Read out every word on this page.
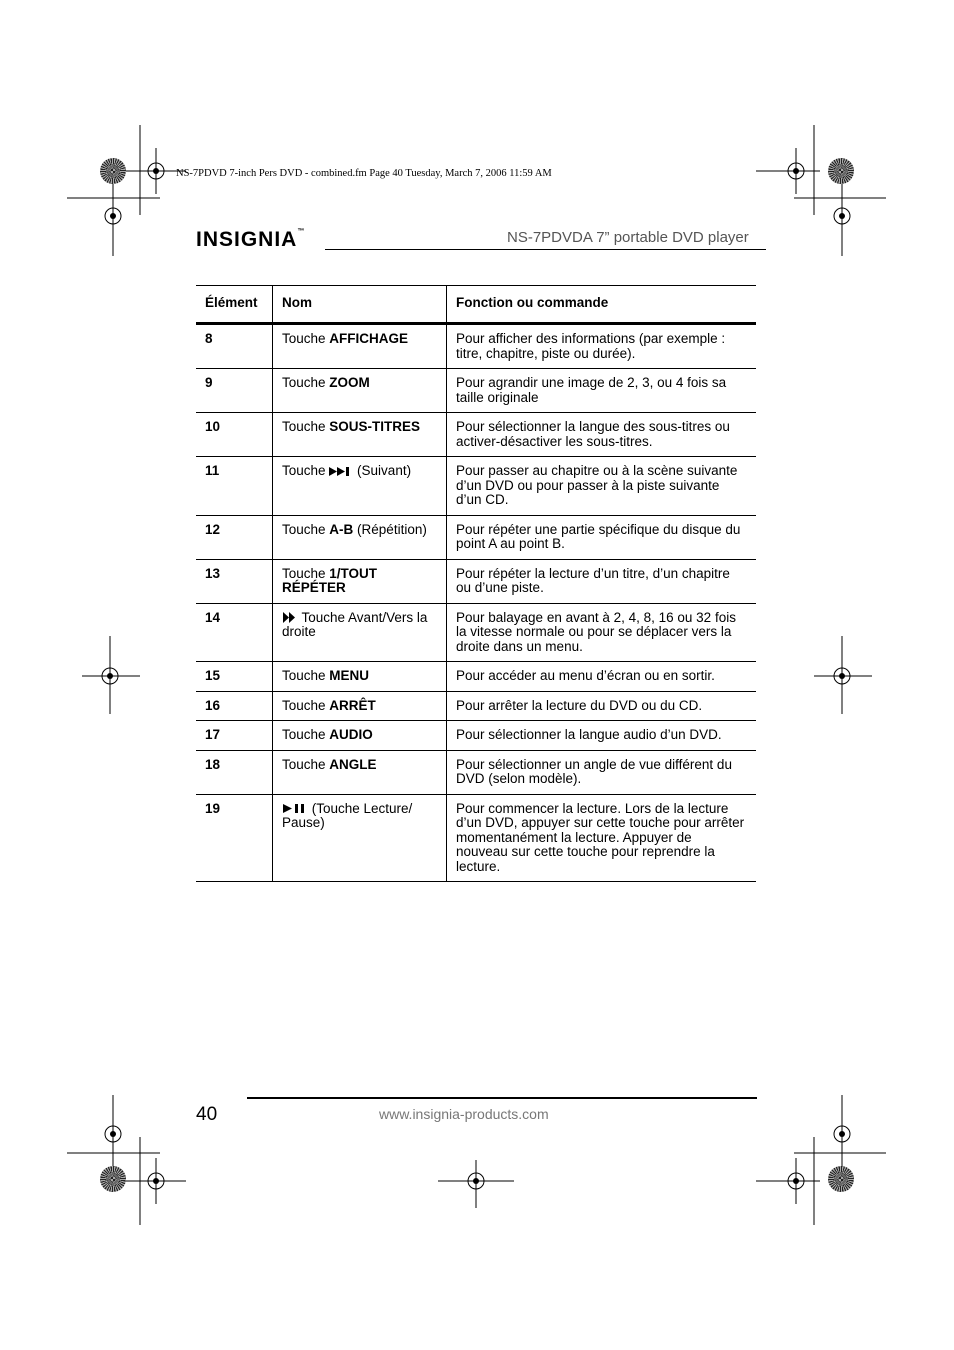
NS-7PDVD 7-inch Pers DVD - combined.fm Page 40 Tuesday, March 7, 2006 11:59 AM
INSIGNIA™	NS-7PDVDA 7” portable DVD player
Élément	Nom	Fonction ou commande
8	Touche AFFICHAGE	Pour afficher des informations (par exemple : titre, chapitre, piste ou durée).
9	Touche ZOOM	Pour agrandir une image de 2, 3, ou 4 fois sa taille originale
10	Touche SOUS-TITRES	Pour sélectionner la langue des sous-titres ou activer-désactiver les sous-titres.
11	Touche  (Suivant)	Pour passer au chapitre ou à la scène suivante d’un DVD ou pour passer à la piste suivante d’un CD.
12	Touche A-B (Répétition)	Pour répéter une partie spécifique du disque du point A au point B.
13	Touche 1/TOUT RÉPÉTER	Pour répéter la lecture d’un titre, d’un chapitre ou d’une piste.
14	Touche Avant/Vers la droite	Pour balayage en avant à 2, 4, 8, 16 ou 32 fois la vitesse normale ou pour se déplacer vers la droite dans un menu.
15	Touche MENU	Pour accéder au menu d’écran ou en sortir.
16	Touche ARRÊT	Pour arrêter la lecture du DVD ou du CD.
17	Touche AUDIO	Pour sélectionner la langue audio d’un DVD.
18	Touche ANGLE	Pour sélectionner un angle de vue différent du DVD (selon modèle).
19	(Touche Lecture/ Pause)	Pour commencer la lecture. Lors de la lecture d’un DVD, appuyer sur cette touche pour arrêter momentanément la lecture. Appuyer de nouveau sur cette touche pour reprendre la lecture.
40	www.insignia-products.com
